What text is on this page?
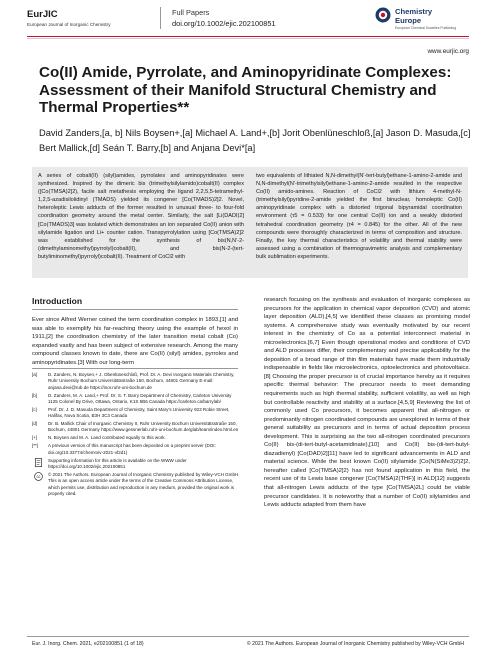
EurJIC
European Journal of Inorganic Chemistry
Full Papers
doi.org/10.1002/ejic.202100851
Chemistry
Europe
European Chemical Societies Publishing
www.eurjic.org
Co(II) Amide, Pyrrolate, and Aminopyridinate Complexes: Assessment of their Manifold Structural Chemistry and Thermal Properties**
David Zanders,[a, b] Nils Boysen+,[a] Michael A. Land+,[b] Jorit Obenlüneschloß,[a] Jason D. Masuda,[c] Bert Mallick,[d] Seán T. Barry,[b] and Anjana Devi*[a]

A series of cobalt(II) (silyl)amides, pyrrolates and aminopyridinates were synthesized. Inspired by the dimeric bis (trimethylsilylamido)cobalt(II) complex ([Co(TMSA)2]2), facile salt metathesis employing the ligand 2,2,5,5-tetramethyl-1,2,5-azadisilolidinyl (TMADS) yielded its congener [Co(TMADS)2]2. Novel, heteroleptic Lewis adducts of the former resulted in unusual three- to four-fold coordination geometry around the metal center. Similarly, the salt [Li(DADI)2][Co(TMADS)3] was isolated which demonstrates an ion separated Co(II) anion with silylamide ligation and Li+ counter cation. Transpyrrolylation using [Co(TMSA)2]2 was established for the synthesis of bis(N,N'-2-(dimethylaminomethyl)pyrrolyl)cobalt(II), and bis(N-2-(tert-butyliminomethyl)pyrrolyl)cobalt(II). Treatment of CoCl2 with

two equivalents of lithiated N,N-dimethyl(N'-tert-butyl)ethane-1-amino-2-amide and N,N-dimethyl(N'-trimethylsilyl)ethane-1-amino-2-amide resulted in the respective Co(II) amido-amines. Reaction of CoCl2 with lithium 4-methyl-N-(trimethylsilyl)pyridine-2-amide yielded the first binuclear, homoleptic Co(II) aminopyridinate complex with a distorted trigonal bipyramidal coordination environment (τ5 = 0.533) for one central Co(II) ion and a weakly distorted tetrahedral coordination geometry (τ4 = 0.845) for the other. All of the new compounds were thoroughly characterized in terms of composition and structure. Finally, the key thermal characteristics of volatility and thermal stability were assessed using a combination of thermogravimetric analysis and complementary bulk sublimation experiments.

Introduction

Ever since Alfred Werner coined the term coordination complex in 1893,[1] and was able to exemplify his far-reaching theory using the example of hexol in 1911,[2] the coordination chemistry of the later transition metal cobalt (Co) expanded vastly and has been subject of extensive research. Among the many compound classes known to date, there are Co(II) (silyl) amides, pyrroles and aminopyridinates.[3] With our long-term

research focusing on the synthesis and evaluation of inorganic complexes as precursors for the application in chemical vapor deposition (CVD) and atomic layer deposition (ALD),[4,5] we identified these classes as promising model systems. A comprehensive study was eventually motivated by our recent interest in the chemistry of Co as a potential interconnect material in microelectronics.[6,7] Even though operational modes and conditions of CVD and ALD processes differ, their complementary and precise applicability for the deposition of a broad range of thin film materials have made them industrially indispensable in fields like microelectronics, optoelectronics and photovoltaics.[8] Choosing the proper precursor is of crucial importance hereby as it requires specific thermal behavior: The precursor needs to meet demanding requirements such as high thermal stability, sufficient volatility, as well as high but controllable reactivity and stability at a surface.[4,5,9] Reviewing the list of commonly used Co precursors, it becomes apparent that all-nitrogen or predominantly nitrogen coordinated compounds are unexplored in terms of their general suitability as precursors and in terms of actual deposition process development. This is surprising as the two all-nitrogen coordinated precursors Co(II) bis-(di-tert-butyl-acetamidinate),[10] and Co(II) bis-(di-tert-butyl-diazadienyl) [Co(DAD)2][11] have led to significant advancements in ALD and material science. While the best known Co(II) silylamide [Co(N(SiMe3)2)2]2, hereafter called [Co(TMSA)2]2) has not found application in this field, the recent use of its Lewis base congener [Co(TMSA)2(THF)] in ALD[12] suggests that all-nitrogen Lewis adducts of the type [Co(TMSA)2L] could be viable precursor candidates. It is noteworthy that a number of Co(II) silylamides and Lewis adducts adapted from them have

[a] D. Zanders, N. Boysen,+ J. Obenlüneschloß, Prof. Dr. A. Devi Inorganic Materials Chemistry, Ruhr University Bochum Universitätsstraße 150, Bochum, 44801 Germany E-mail: anjana.devi@rub.de https://inor.ruhr-uni-bochum.de
[b] D. Zanders, M. A. Land,+ Prof. Dr. S. T. Barry Department of Chemistry, Carleton University 1125 Colonel By Drive, Ottawa, Ontario, K1S 5B6 Canada https://carleton.ca/barrylab/
[c] Prof. Dr. J. D. Masuda Department of Chemistry, Saint Mary's University 923 Robie Street, Halifax, Nova Scotia, B3H 3C3 Canada
[d] Dr. B. Mallick Chair of Inorganic Chemistry II, Ruhr University Bochum Universitätsstraße 150, Bochum, 44801 Germany https://www.gessnerlab.ruhr-uni-bochum.de/glab/team/index.html.en
[+] N. Boysen and M. A. Land contributed equally to this work.
[**] A previous version of this manuscript has been deposited on a preprint server (DOI: doi.org/10.33774/chemrxiv-2021-vf2d1)
Supporting information for this article is available on the WWW under https://doi.org/10.1002/ejic.202100851
cc © 2021 The Authors. European Journal of Inorganic Chemistry published by Wiley-VCH GmbH. This is an open access article under the terms of the Creative Commons Attribution License, which permits use, distribution and reproduction in any medium, provided the original work is properly cited.
Eur. J. Inorg. Chem. 2021, e202100851 (1 of 18)	© 2021 The Authors. European Journal of Inorganic Chemistry published by Wiley-VCH GmbH
